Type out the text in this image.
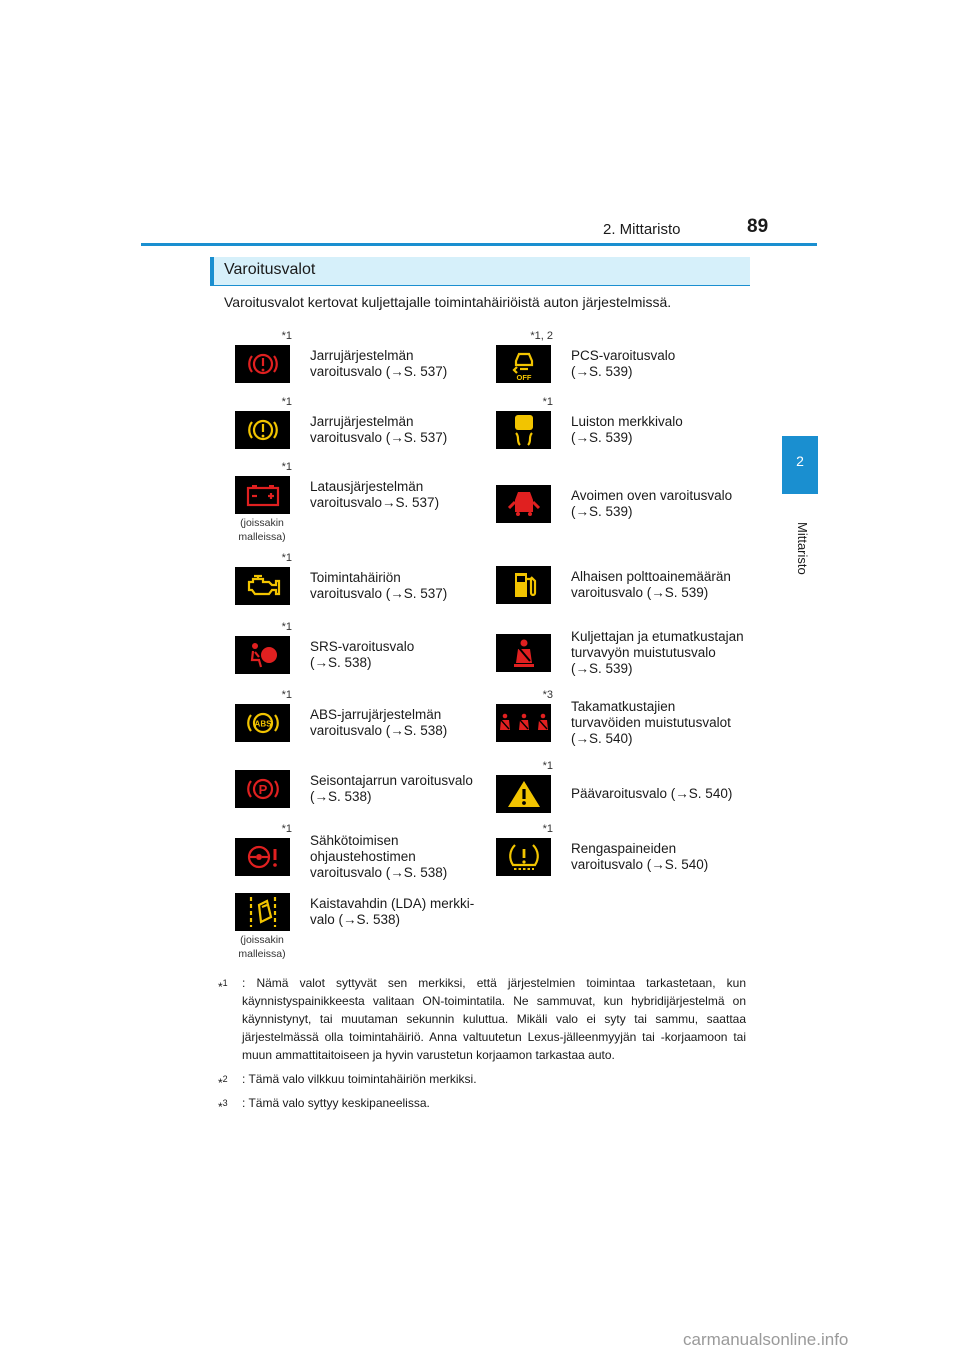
2. Mittaristo	89
2
Mittaristo
Varoitusvalot
Varoitusvalot kertovat kuljettajalle toimintahäiriöistä auton järjestelmissä.
*1
Jarrujärjestelmän
varoitusvalo (→S. 537)
*1
Jarrujärjestelmän
varoitusvalo (→S. 537)
*1
(joissakin
malleissa)
Latausjärjestelmän
varoitusvalo→S. 537)
*1
Toimintahäiriön
varoitusvalo (→S. 537)
*1
SRS-varoitusvalo
(→S. 538)
ABS
*1
ABS-jarrujärjestelmän
varoitusvalo (→S. 538)
P
Seisontajarrun varoitusvalo
(→S. 538)
*1
Sähkötoimisen
ohjaustehostimen
varoitusvalo (→S. 538)
(joissakin
malleissa)
Kaistavahdin (LDA) merkki-
valo (→S. 538)
OFF
*1, 2
PCS-varoitusvalo
(→S. 539)
*1
Luiston merkkivalo
(→S. 539)
Avoimen oven varoitusvalo
(→S. 539)
Alhaisen polttoainemäärän
varoitusvalo (→S. 539)
Kuljettajan ja etumatkustajan
turvavyön muistutusvalo
(→S. 539)
*3
Takamatkustajien
turvavöiden muistutusvalot
(→S. 540)
*1
Päävaroitusvalo (→S. 540)
*1
Rengaspaineiden
varoitusvalo (→S. 540)
*$^1$ : Nämä valot syttyvät sen merkiksi, että järjestelmien toimintaa tarkastetaan, kun käynnistyspainikkeesta valitaan ON-toimintatila. Ne sammuvat, kun hybridijärjestelmä on käynnistynyt, tai muutaman sekunnin kuluttua. Mikäli valo ei syty tai sammu, saattaa järjestelmässä olla toimintahäiriö. Anna valtuutetun Lexus-jälleenmyyjän tai -korjaamoon tai muun ammattitaitoiseen ja hyvin varustetun korjaamon tarkastaa auto.
*$^2$ : Tämä valo vilkkuu toimintahäiriön merkiksi.
*$^3$ : Tämä valo syttyy keskipaneelissa.
carmanualsonline.info
